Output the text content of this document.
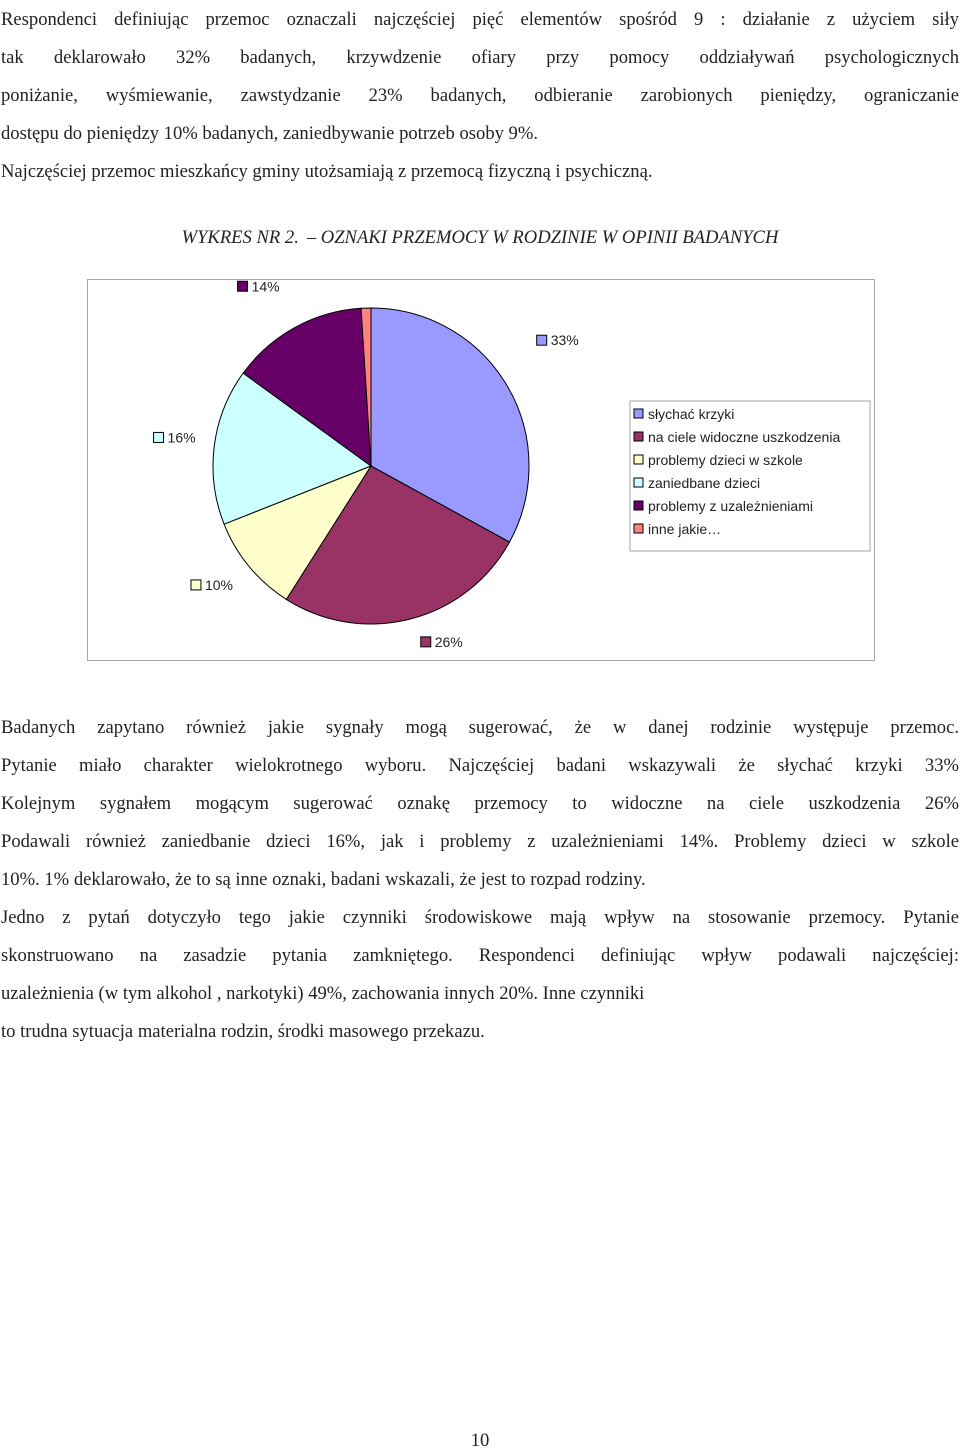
Respondenci definiując przemoc oznaczali najczęściej pięć elementów spośród 9 : działanie z użyciem siły
tak deklarowało 32% badanych, krzywdzenie ofiary przy pomocy oddziaływań psychologicznych
poniżanie, wyśmiewanie, zawstydzanie 23% badanych, odbieranie zarobionych pieniędzy, ograniczanie
dostępu do pieniędzy 10% badanych, zaniedbywanie potrzeb osoby 9%.
Najczęściej przemoc mieszkańcy gminy utożsamiają z przemocą fizyczną i psychiczną.
WYKRES NR 2. – OZNAKI PRZEMOCY W RODZINIE W OPINII BADANYCH
33%
26%
10%
16%
14%
słychać krzyki
na ciele widoczne uszkodzenia
problemy dzieci w szkole
zaniedbane dzieci
problemy z uzależnieniami
inne jakie…
Badanych zapytano również jakie sygnały mogą sugerować, że w danej rodzinie występuje przemoc.
Pytanie miało charakter wielokrotnego wyboru. Najczęściej badani wskazywali że słychać krzyki 33%
Kolejnym sygnałem mogącym sugerować oznakę przemocy to widoczne na ciele uszkodzenia 26%
Podawali również zaniedbanie dzieci 16%, jak i problemy z uzależnieniami 14%. Problemy dzieci w szkole
10%. 1% deklarowało, że to są inne oznaki, badani wskazali, że jest to rozpad rodziny.
Jedno z pytań dotyczyło tego jakie czynniki środowiskowe mają wpływ na stosowanie przemocy. Pytanie
skonstruowano na zasadzie pytania zamkniętego. Respondenci definiując wpływ podawali najczęściej:
uzależnienia (w tym alkohol , narkotyki) 49%, zachowania innych 20%. Inne czynniki
to trudna sytuacja materialna rodzin, środki masowego przekazu.
10
